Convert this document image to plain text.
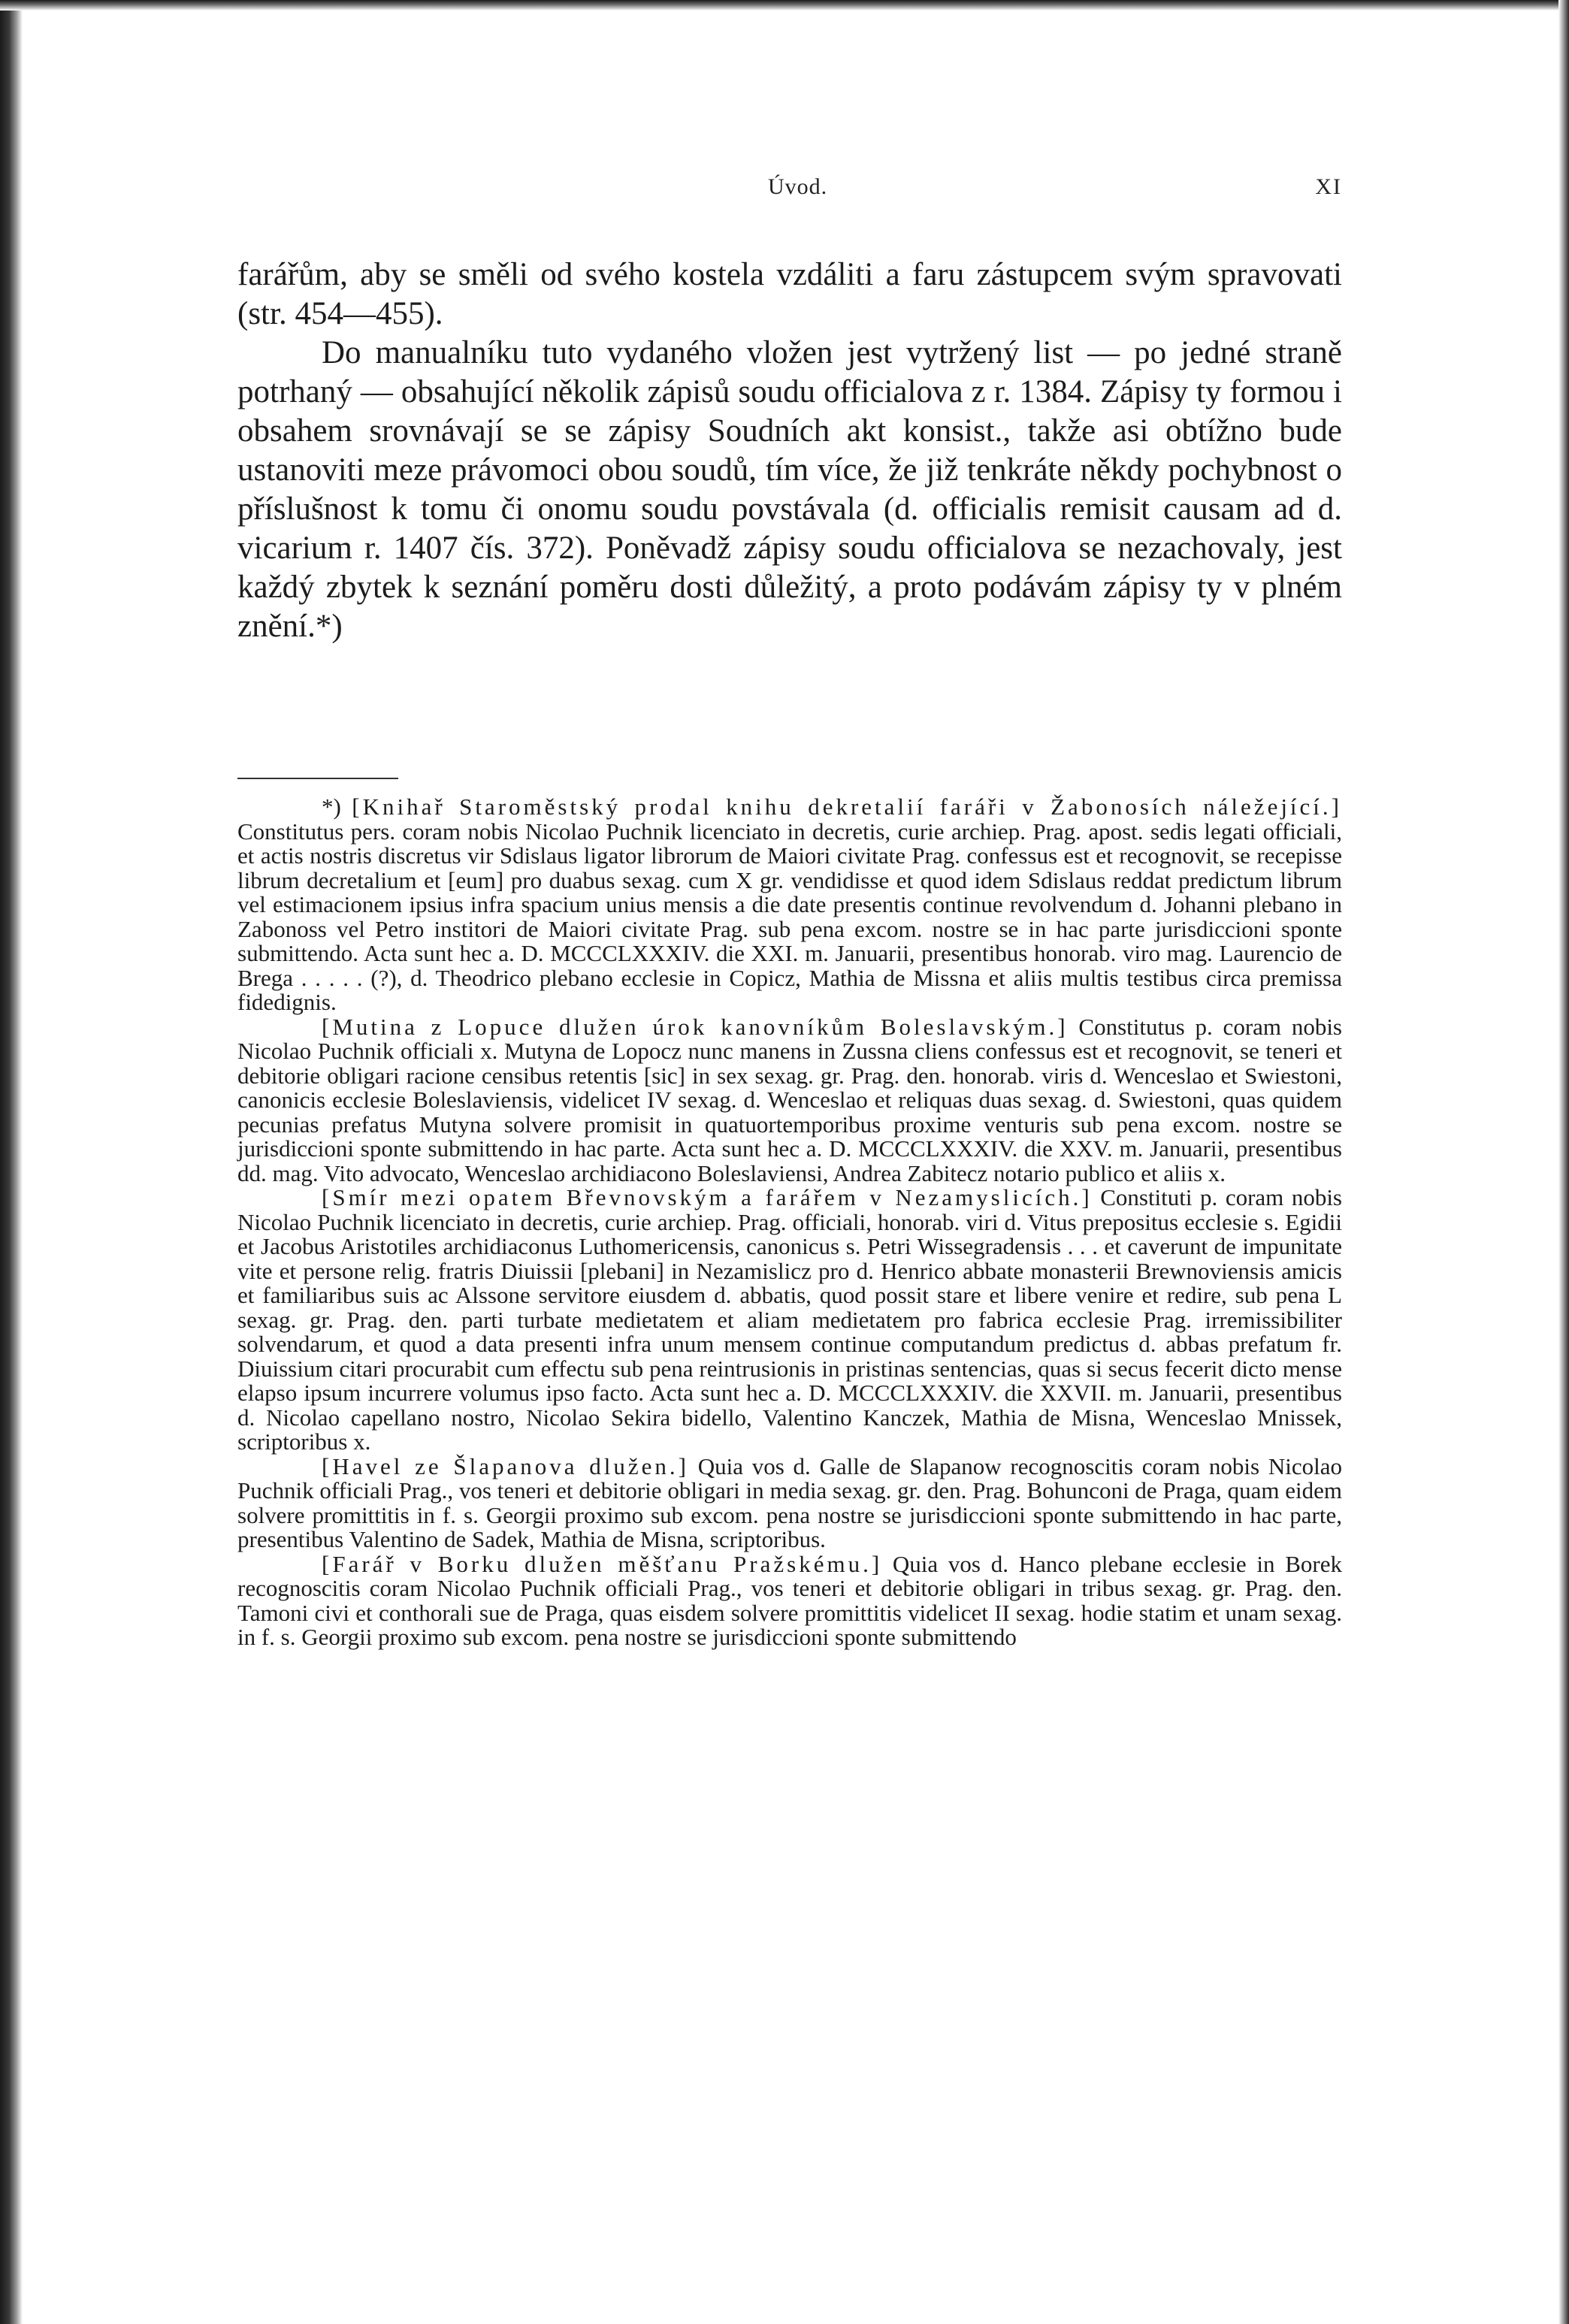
Úvod.	XI

farářům, aby se směli od svého kostela vzdáliti a faru zástupcem svým spravovati (str. 454—455).

Do manualníku tuto vydaného vložen jest vytržený list — po jedné straně potrhaný — obsahující několik zápisů soudu officialova z r. 1384. Zápisy ty formou i obsahem srovnávají se se zápisy Soudních akt konsist., takže asi obtížno bude ustanoviti meze právomoci obou soudů, tím více, že již tenkráte někdy pochybnost o příslušnost k tomu či onomu soudu povstávala (d. officialis remisit causam ad d. vicarium r. 1407 čís. 372). Poněvadž zápisy soudu officialova se nezachovaly, jest každý zbytek k seznání poměru dosti důležitý, a proto podávám zápisy ty v plném znění.*)

*) [Knihař Staroměstský prodal knihu dekretalií faráři v Žabonosích náležející.] Constitutus pers. coram nobis Nicolao Puchnik licenciato in decretis, curie archiep. Prag. apost. sedis legati officiali, et actis nostris discretus vir Sdislaus ligator librorum de Maiori civitate Prag. confessus est et recognovit, se recepisse librum decretalium et [eum] pro duabus sexag. cum X gr. vendidisse et quod idem Sdislaus reddat predictum librum vel estimacionem ipsius infra spacium unius mensis a die date presentis continue revolvendum d. Johanni plebano in Zabonoss vel Petro institori de Maiori civitate Prag. sub pena excom. nostre se in hac parte jurisdiccioni sponte submittendo. Acta sunt hec a. D. MCCCLXXXIV. die XXI. m. Januarii, presentibus honorab. viro mag. Laurencio de Brega . . . . . (?), d. Theodrico plebano ecclesie in Copicz, Mathia de Missna et aliis multis testibus circa premissa fidedignis.

[Mutina z Lopuce dlužen úrok kanovníkům Boleslavským.] Constitutus p. coram nobis Nicolao Puchnik officiali x. Mutyna de Lopocz nunc manens in Zussna cliens confessus est et recognovit, se teneri et debitorie obligari racione censibus retentis [sic] in sex sexag. gr. Prag. den. honorab. viris d. Wenceslao et Swiestoni, canonicis ecclesie Boleslaviensis, videlicet IV sexag. d. Wenceslao et reliquas duas sexag. d. Swiestoni, quas quidem pecunias prefatus Mutyna solvere promisit in quatuortemporibus proxime venturis sub pena excom. nostre se jurisdiccioni sponte submittendo in hac parte. Acta sunt hec a. D. MCCCLXXXIV. die XXV. m. Januarii, presentibus dd. mag. Vito advocato, Wenceslao archidiacono Boleslaviensi, Andrea Zabitecz notario publico et aliis x.

[Smír mezi opatem Břevnovským a farářem v Nezamyslicích.] Constituti p. coram nobis Nicolao Puchnik licenciato in decretis, curie archiep. Prag. officiali, honorab. viri d. Vitus prepositus ecclesie s. Egidii et Jacobus Aristotiles archidiaconus Luthomericensis, canonicus s. Petri Wissegradensis . . . et caverunt de impunitate vite et persone relig. fratris Diuissii [plebani] in Nezamislicz pro d. Henrico abbate monasterii Brewnoviensis amicis et familiaribus suis ac Alssone servitore eiusdem d. abbatis, quod possit stare et libere venire et redire, sub pena L sexag. gr. Prag. den. parti turbate medietatem et aliam medietatem pro fabrica ecclesie Prag. irremissibiliter solvendarum, et quod a data presenti infra unum mensem continue computandum predictus d. abbas prefatum fr. Diuissium citari procurabit cum effectu sub pena reintrusionis in pristinas sentencias, quas si secus fecerit dicto mense elapso ipsum incurrere volumus ipso facto. Acta sunt hec a. D. MCCCLXXXIV. die XXVII. m. Januarii, presentibus d. Nicolao capellano nostro, Nicolao Sekira bidello, Valentino Kanczek, Mathia de Misna, Wenceslao Mnissek, scriptoribus x.

[Havel ze Šlapanova dlužen.] Quia vos d. Galle de Slapanow recognoscitis coram nobis Nicolao Puchnik officiali Prag., vos teneri et debitorie obligari in media sexag. gr. den. Prag. Bohunconi de Praga, quam eidem solvere promittitis in f. s. Georgii proximo sub excom. pena nostre se jurisdiccioni sponte submittendo in hac parte, presentibus Valentino de Sadek, Mathia de Misna, scriptoribus.

[Farář v Borku dlužen měšťanu Pražskému.] Quia vos d. Hanco plebane ecclesie in Borek recognoscitis coram Nicolao Puchnik officiali Prag., vos teneri et debitorie obligari in tribus sexag. gr. Prag. den. Tamoni civi et conthorali sue de Praga, quas eisdem solvere promittitis videlicet II sexag. hodie statim et unam sexag. in f. s. Georgii proximo sub excom. pena nostre se jurisdiccioni sponte submittendo
